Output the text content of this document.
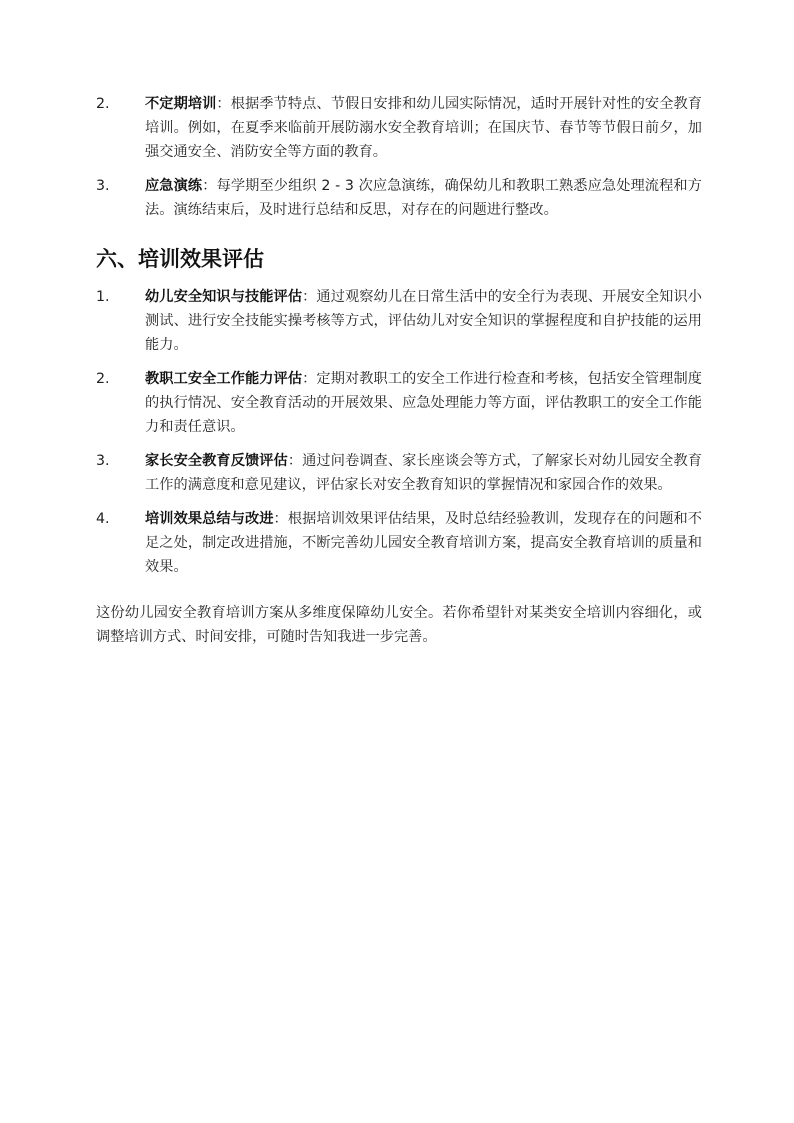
2.	不定期培训：根据季节特点、节假日安排和幼儿园实际情况，适时开展针对性的安全教育培训。例如，在夏季来临前开展防溺水安全教育培训；在国庆节、春节等节假日前夕，加强交通安全、消防安全等方面的教育。
3.	应急演练：每学期至少组织 2 - 3 次应急演练，确保幼儿和教职工熟悉应急处理流程和方法。演练结束后，及时进行总结和反思，对存在的问题进行整改。
六、培训效果评估
1.	幼儿安全知识与技能评估：通过观察幼儿在日常生活中的安全行为表现、开展安全知识小测试、进行安全技能实操考核等方式，评估幼儿对安全知识的掌握程度和自护技能的运用能力。
2.	教职工安全工作能力评估：定期对教职工的安全工作进行检查和考核，包括安全管理制度的执行情况、安全教育活动的开展效果、应急处理能力等方面，评估教职工的安全工作能力和责任意识。
3.	家长安全教育反馈评估：通过问卷调查、家长座谈会等方式，了解家长对幼儿园安全教育工作的满意度和意见建议，评估家长对安全教育知识的掌握情况和家园合作的效果。
4.	培训效果总结与改进：根据培训效果评估结果，及时总结经验教训，发现存在的问题和不足之处，制定改进措施，不断完善幼儿园安全教育培训方案，提高安全教育培训的质量和效果。

这份幼儿园安全教育培训方案从多维度保障幼儿安全。若你希望针对某类安全培训内容细化，或调整培训方式、时间安排，可随时告知我进一步完善。
